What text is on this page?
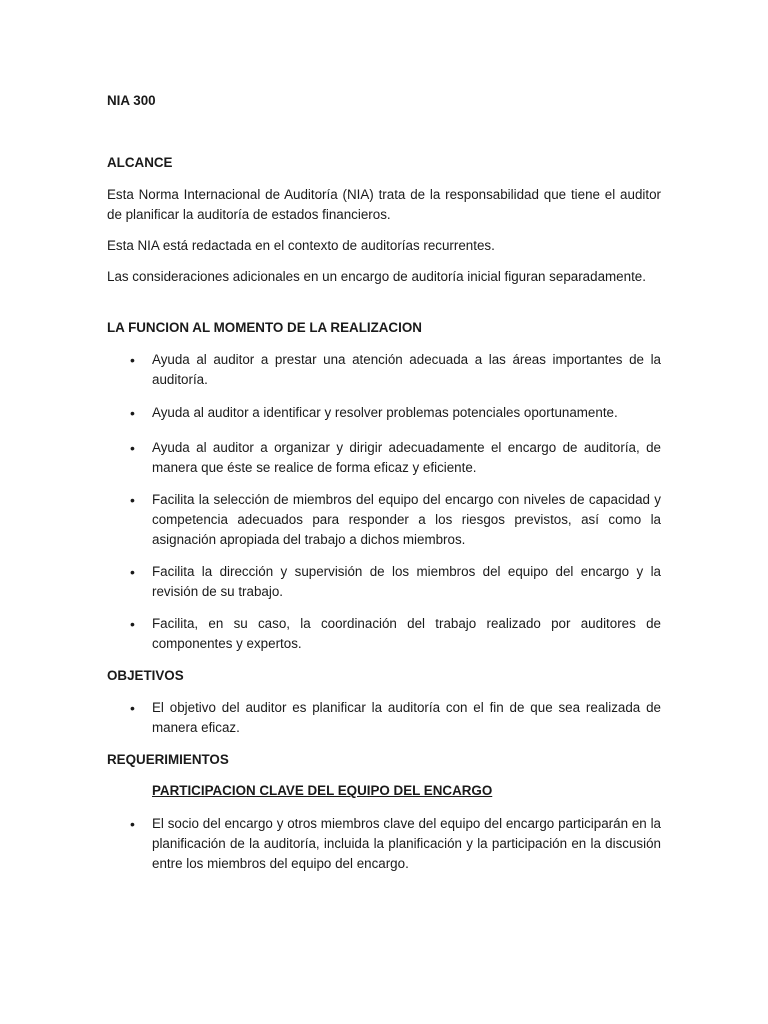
NIA 300
ALCANCE
Esta Norma Internacional de Auditoría (NIA) trata de la responsabilidad que tiene el auditor de planificar la auditoría de estados financieros.
Esta NIA está redactada en el contexto de auditorías recurrentes.
Las consideraciones adicionales en un encargo de auditoría inicial figuran separadamente.
LA FUNCION AL MOMENTO DE LA REALIZACION
• Ayuda al auditor a prestar una atención adecuada a las áreas importantes de la auditoría.
• Ayuda al auditor a identificar y resolver problemas potenciales oportunamente.
• Ayuda al auditor a organizar y dirigir adecuadamente el encargo de auditoría, de manera que éste se realice de forma eficaz y eficiente.
• Facilita la selección de miembros del equipo del encargo con niveles de capacidad y competencia adecuados para responder a los riesgos previstos, así como la asignación apropiada del trabajo a dichos miembros.
• Facilita la dirección y supervisión de los miembros del equipo del encargo y la revisión de su trabajo.
• Facilita, en su caso, la coordinación del trabajo realizado por auditores de componentes y expertos.
OBJETIVOS
• El objetivo del auditor es planificar la auditoría con el fin de que sea realizada de manera eficaz.
REQUERIMIENTOS
PARTICIPACION CLAVE DEL EQUIPO DEL ENCARGO
• El socio del encargo y otros miembros clave del equipo del encargo participarán en la planificación de la auditoría, incluida la planificación y la participación en la discusión entre los miembros del equipo del encargo.
